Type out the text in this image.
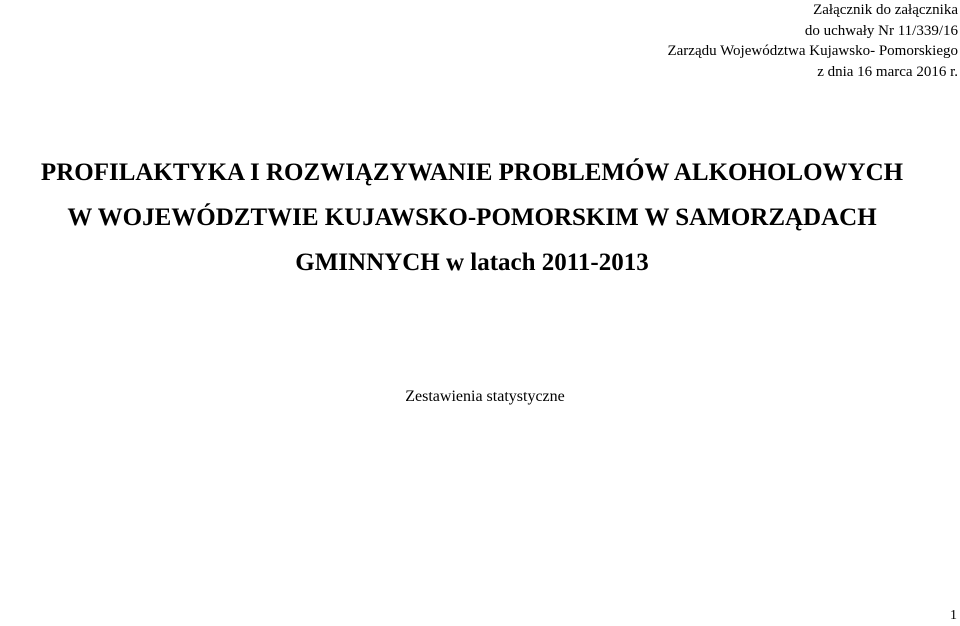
Załącznik do załącznika
do uchwały Nr 11/339/16
Zarządu Województwa Kujawsko- Pomorskiego
z dnia 16 marca 2016 r.
PROFILAKTYKA I ROZWIĄZYWANIE PROBLEMÓW ALKOHOLOWYCH
W WOJEWÓDZTWIE KUJAWSKO-POMORSKIM W SAMORZĄDACH
GMINNYCH w latach 2011-2013
Zestawienia statystyczne
1
